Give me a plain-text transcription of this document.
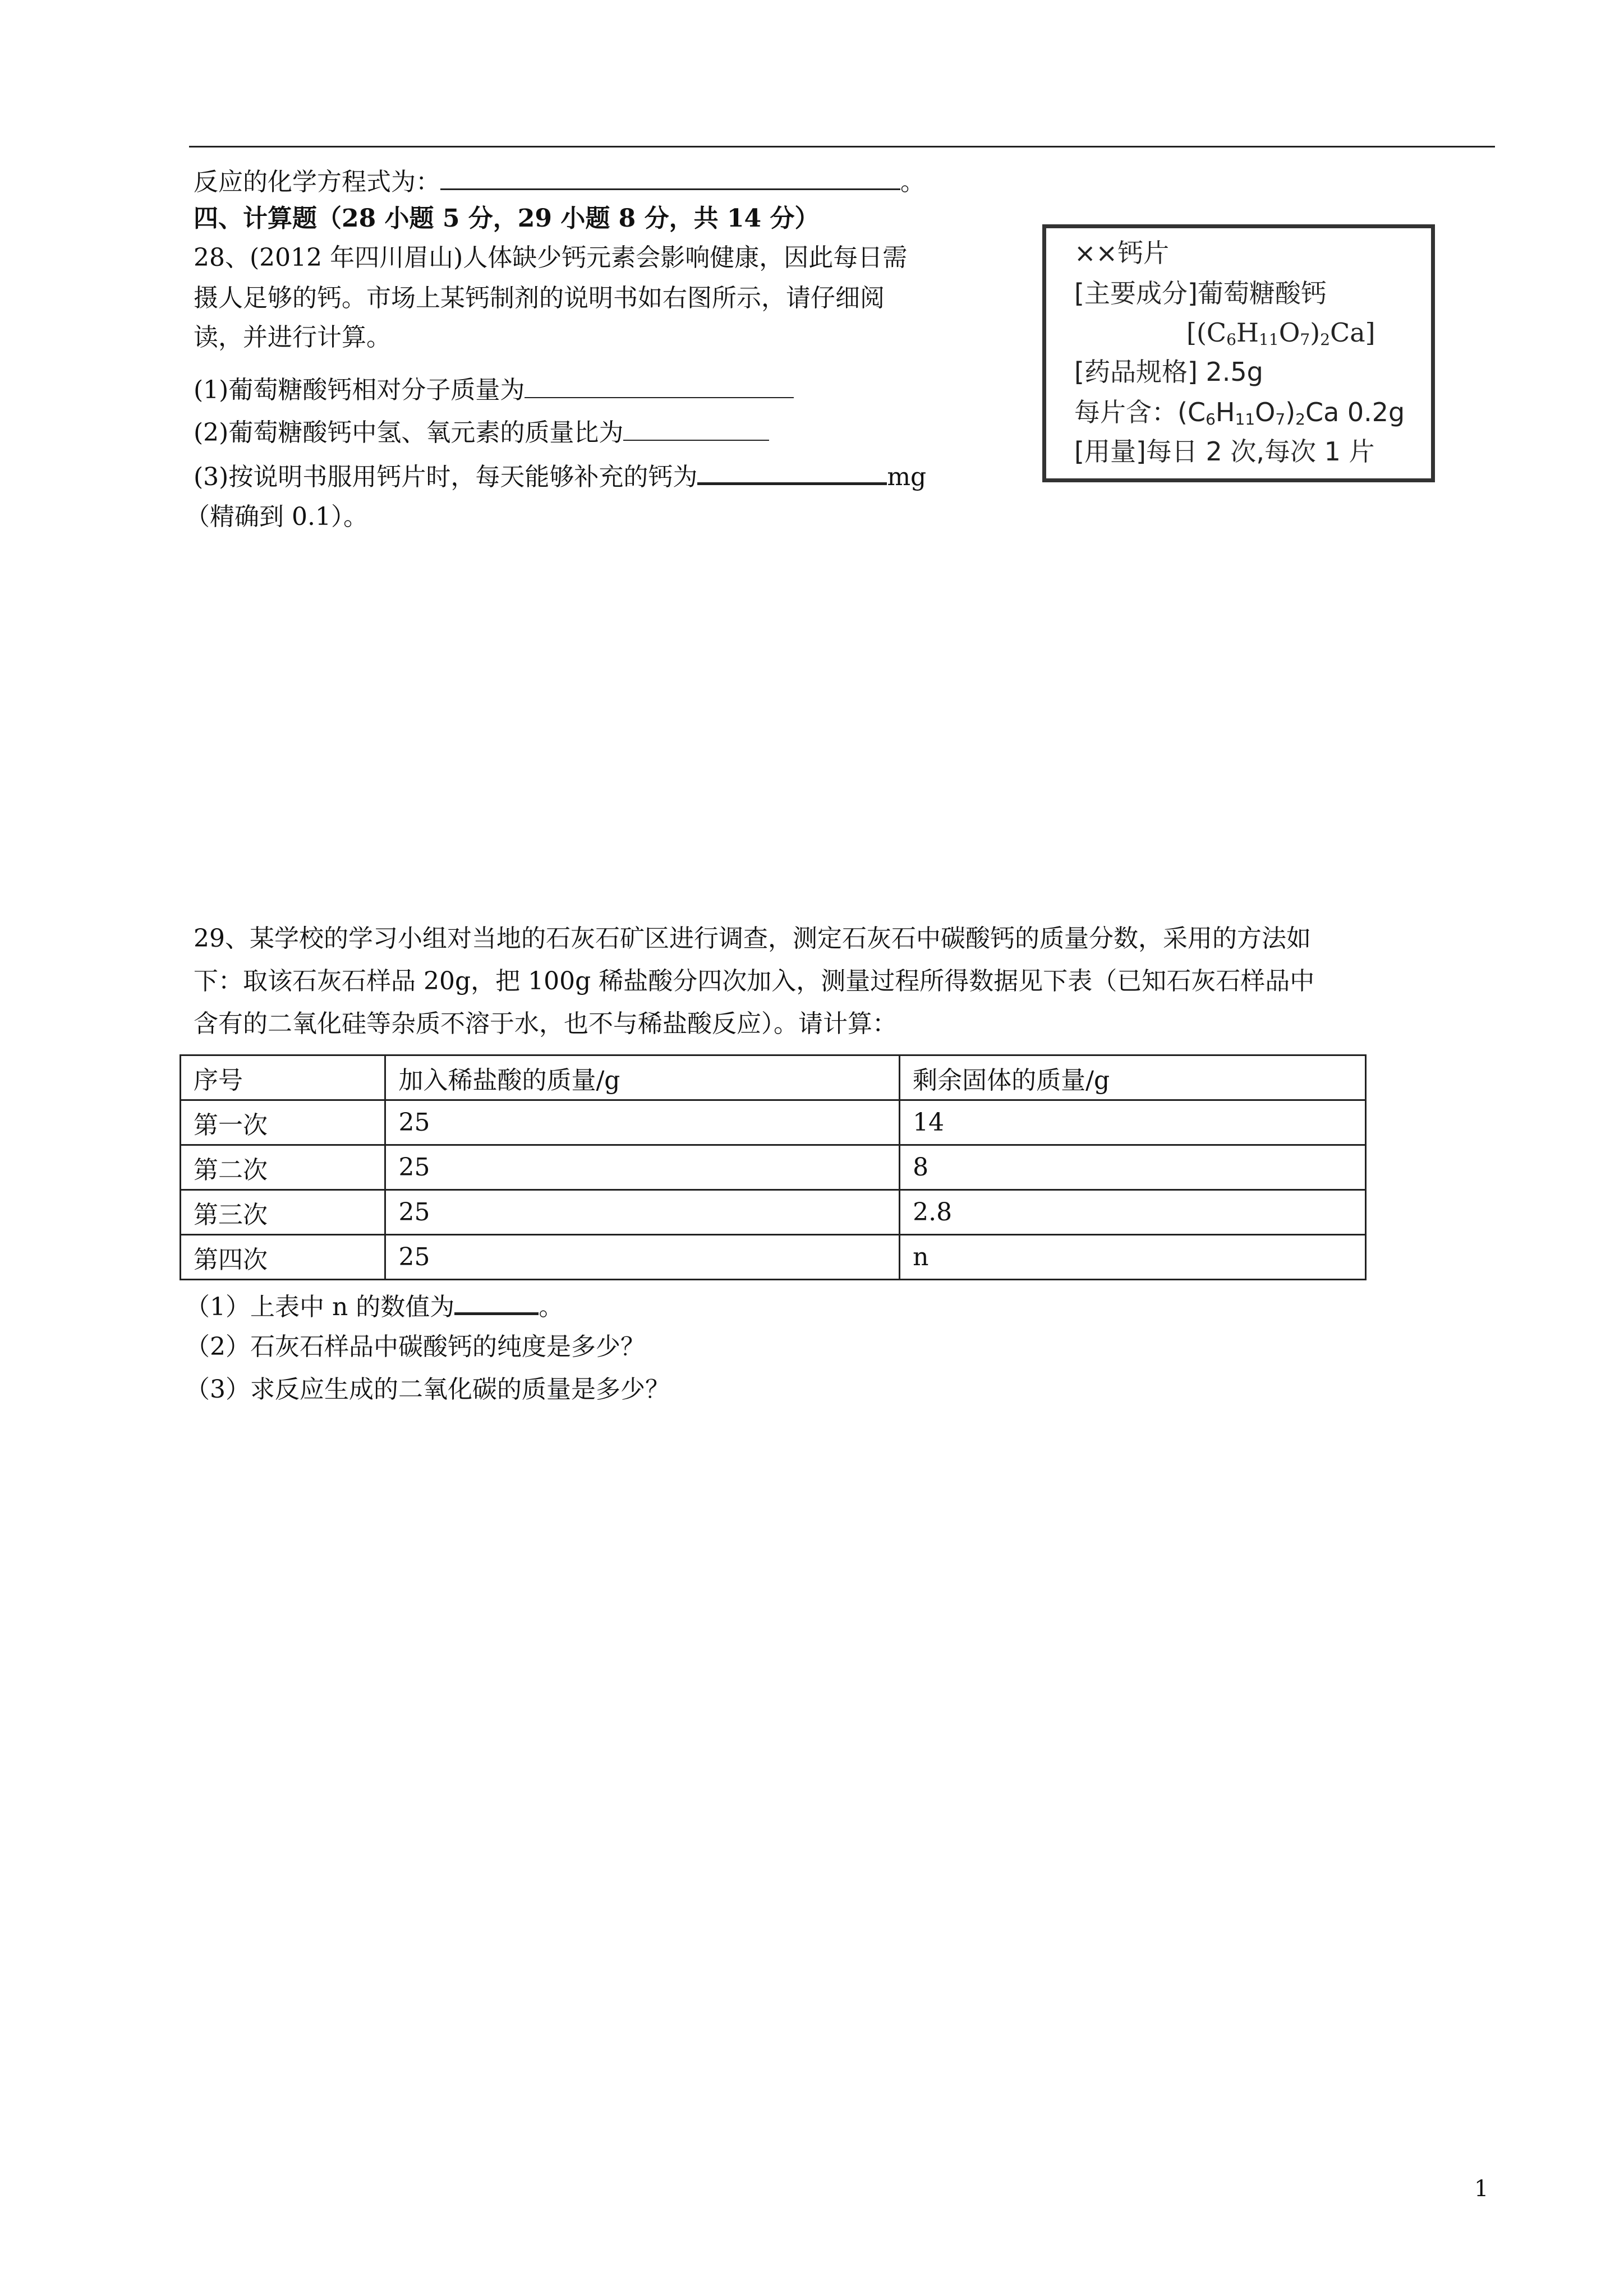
反应的化学方程式为：	。
四、计算题（28 小题 5 分，29 小题 8 分，共 14 分）
28、(2012 年四川眉山)人体缺少钙元素会影响健康，因此每日需
摄人足够的钙。市场上某钙制剂的说明书如右图所示，请仔细阅
读，并进行计算。
(1)葡萄糖酸钙相对分子质量为
(2)葡萄糖酸钙中氢、氧元素的质量比为
(3)按说明书服用钙片时，每天能够补充的钙为	mg
（精确到 0.1）。
××钙片
[主要成分]葡萄糖酸钙
$[(C_6H_{11}O_7)_2Ca]$
[药品规格] 2.5g
每片含：$(C_6H_{11}O_7)_2Ca$ 0.2g
[用量]每日 2 次,每次 1 片
29、某学校的学习小组对当地的石灰石矿区进行调查，测定石灰石中碳酸钙的质量分数，采用的方法如
下：取该石灰石样品 20g，把 100g 稀盐酸分四次加入，测量过程所得数据见下表（已知石灰石样品中
含有的二氧化硅等杂质不溶于水，也不与稀盐酸反应）。请计算：
序号	加入稀盐酸的质量/g	剩余固体的质量/g
第一次	25	14
第二次	25	8
第三次	25	2.8
第四次	25	n
（1）上表中 n 的数值为	。
（2）石灰石样品中碳酸钙的纯度是多少？
（3）求反应生成的二氧化碳的质量是多少？
1
